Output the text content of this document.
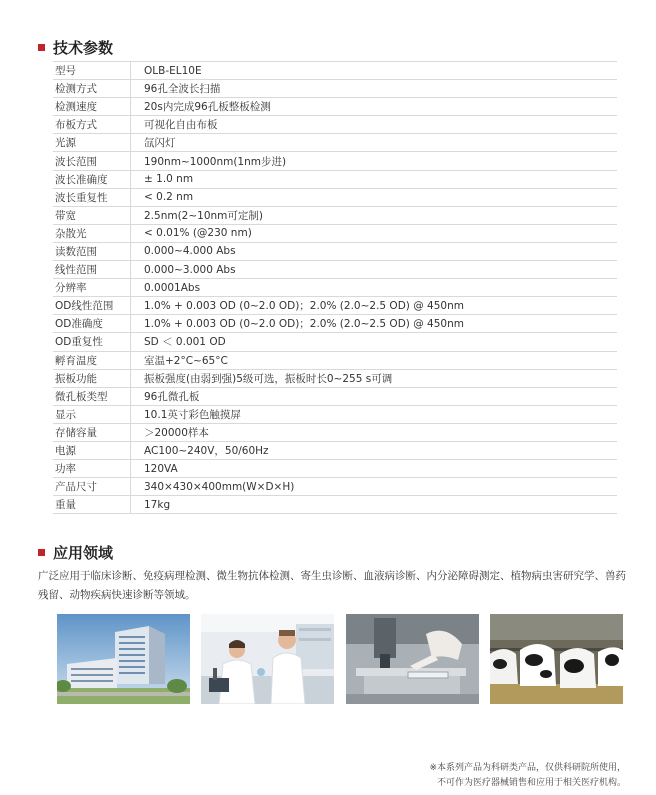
技术参数
型号	OLB-EL10E
检测方式	96孔全波长扫描
检测速度	20s内完成96孔板整板检测
布板方式	可视化自由布板
光源	氙闪灯
波长范围	190nm~1000nm(1nm步进)
波长准确度	± 1.0 nm
波长重复性	< 0.2 nm
带宽	2.5nm(2~10nm可定制)
杂散光	< 0.01% (@230 nm)
读数范围	0.000~4.000 Abs
线性范围	0.000~3.000 Abs
分辨率	0.0001Abs
OD线性范围	1.0% + 0.003 OD (0~2.0 OD)；2.0% (2.0~2.5 OD) @ 450nm
OD准确度	1.0% + 0.003 OD (0~2.0 OD)；2.0% (2.0~2.5 OD) @ 450nm
OD重复性	SD ＜ 0.001 OD
孵育温度	室温+2°C~65°C
振板功能	振板强度(由弱到强)5级可选，振板时长0~255 s可调
微孔板类型	96孔微孔板
显示	10.1英寸彩色触摸屏
存储容量	＞20000样本
电源	AC100~240V，50/60Hz
功率	120VA
产品尺寸	340×430×400mm(W×D×H)
重量	17kg
应用领域

广泛应用于临床诊断、免疫病理检测、微生物抗体检测、寄生虫诊断、血液病诊断、内分泌障碍测定、植物病虫害研究学、兽药残留、动物疾病快速诊断等领域。

※本系列产品为科研类产品，仅供科研院所使用，
不可作为医疗器械销售和应用于相关医疗机构。
